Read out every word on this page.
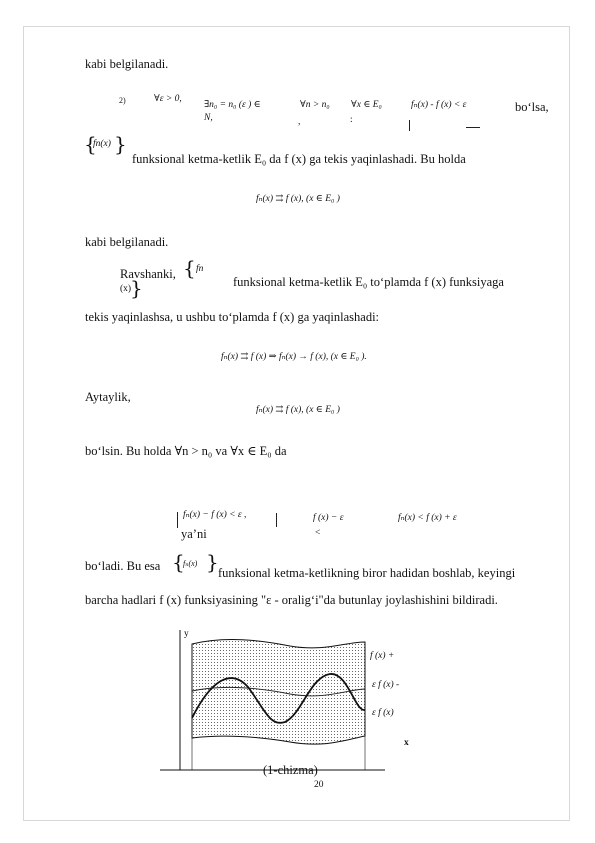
kabi belgilanadi.
2)	∀ε > 0,
∃n₀ = n₀ (ε ) ∈
N,
∀n > n₀
,
∀x ∈ E₀
:
fₙ(x) - f (x) < ε	bo‘lsa,
{
fn(x) }
funksional ketma-ketlik E₀ da f (x) ga tekis yaqinlashadi. Bu holda
fₙ(x) ⇉ f (x), (x ∈ E₀ )
kabi belgilanadi.
Ravshanki,
(x)
{ fn
}	funksional ketma-ketlik E₀ to‘plamda f (x) funksiyaga
tekis yaqinlashsa, u ushbu to‘plamda f (x) ga yaqinlashadi:
fₙ(x) ⇉ f (x) ⇒ fₙ(x) → f (x), (x ∈ E₀ ).
Aytaylik,
fₙ(x) ⇉ f (x), (x ∈ E₀ )
bo‘lsin. Bu holda ∀n > n₀ va ∀x ∈ E₀ da
fₙ(x) − f (x) < ε ,
ya’ni
f (x) − ε
<
fₙ(x) < f (x) + ε
bo‘ladi. Bu esa {
fₙ(x) } funksional ketma-ketlikning biror hadidan boshlab, keyingi
barcha hadlari f (x) funksiyasining "ε - oralig‘i"da butunlay joylashishini bildiradi.
y
f (x) +
ε f (x) -
ε f (x)
x
(1-chizma)
20
